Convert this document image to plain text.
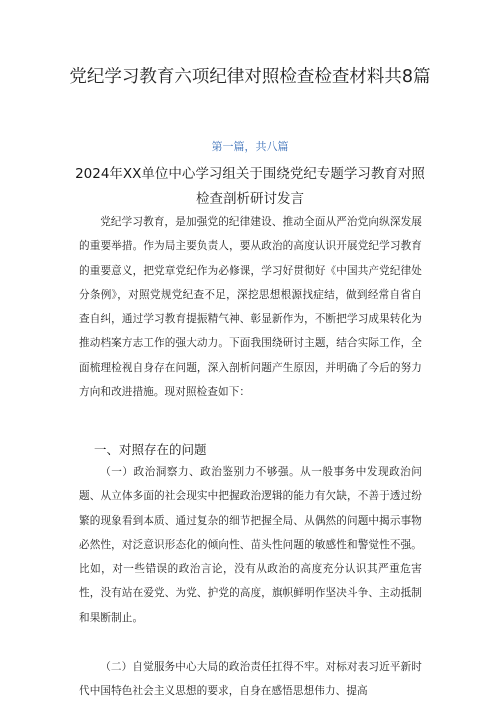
党纪学习教育六项纪律对照检查检查材料共8篇

第一篇，共八篇

2024年XX单位中心学习组关于围绕党纪专题学习教育对照检查剖析研讨发言

党纪学习教育，是加强党的纪律建设、推动全面从严治党向纵深发展的重要举措。作为局主要负责人，要从政治的高度认识开展党纪学习教育的重要意义，把党章党纪作为必修课，学习好贯彻好《中国共产党纪律处分条例》，对照党规党纪查不足，深挖思想根源找症结，做到经常自省自查自纠，通过学习教育提振精气神、彰显新作为，不断把学习成果转化为推动档案方志工作的强大动力。下面我围绕研讨主题，结合实际工作，全面梳理检视自身存在问题，深入剖析问题产生原因，并明确了今后的努力方向和改进措施。现对照检查如下：

一、对照存在的问题

（一）政治洞察力、政治鉴别力不够强。从一般事务中发现政治问题、从立体多面的社会现实中把握政治逻辑的能力有欠缺，不善于透过纷繁的现象看到本质、通过复杂的细节把握全局、从偶然的问题中揭示事物必然性，对泛意识形态化的倾向性、苗头性问题的敏感性和警觉性不强。比如，对一些错误的政治言论，没有从政治的高度充分认识其严重危害性，没有站在爱党、为党、护党的高度，旗帜鲜明作坚决斗争、主动抵制和果断制止。

（二）自觉服务中心大局的政治责任扛得不牢。对标对表习近平新时代中国特色社会主义思想的要求，自身在感悟思想伟力、提高
